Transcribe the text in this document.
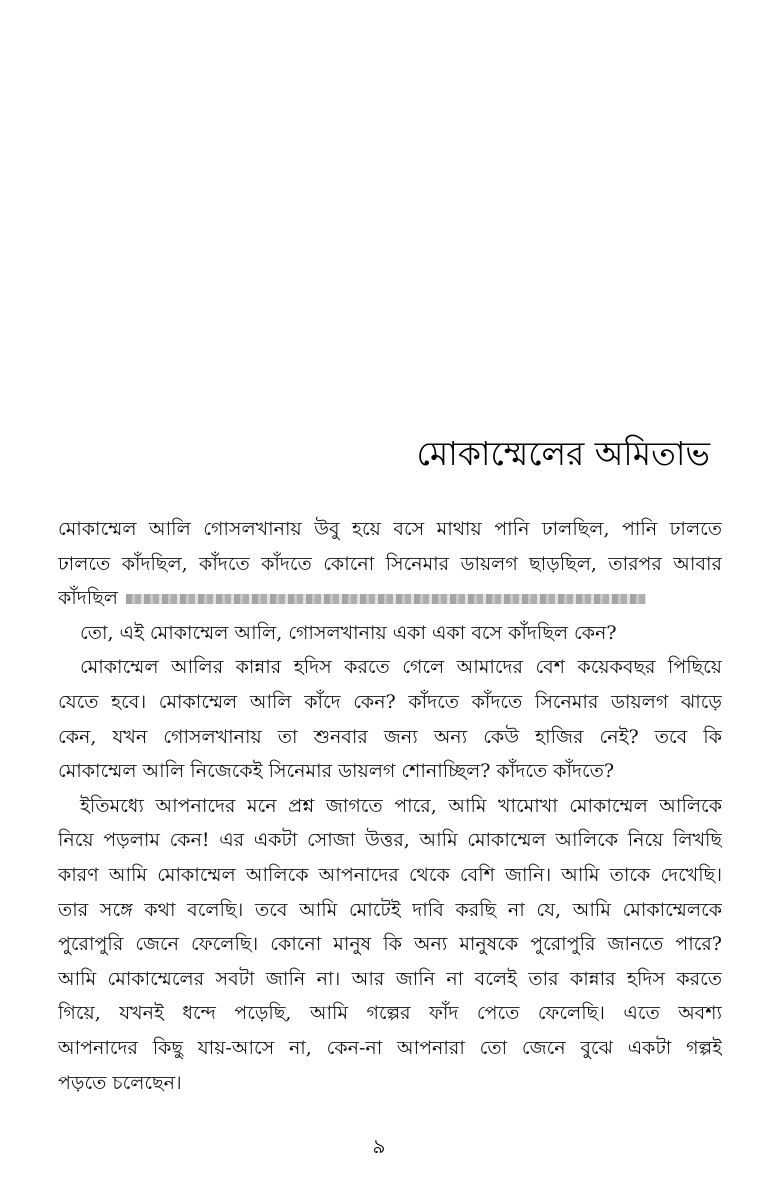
মোকাম্মেলের অমিতাভ
মোকাম্মেল আলি গোসলখানায় উবু হয়ে বসে মাথায় পানি ঢালছিল, পানি ঢালতে
ঢালতে কাঁদছিল, কাঁদতে কাঁদতে কোনো সিনেমার ডায়লগ ছাড়ছিল, তারপর আবার
কাঁদছিল
তো, এই মোকাম্মেল আলি, গোসলখানায় একা একা বসে কাঁদছিল কেন?
মোকাম্মেল আলির কান্নার হদিস করতে গেলে আমাদের বেশ কয়েকবছর পিছিয়ে
যেতে হবে। মোকাম্মেল আলি কাঁদে কেন? কাঁদতে কাঁদতে সিনেমার ডায়লগ ঝাড়ে
কেন, যখন গোসলখানায় তা শুনবার জন্য অন্য কেউ হাজির নেই? তবে কি
মোকাম্মেল আলি নিজেকেই সিনেমার ডায়লগ শোনাচ্ছিল? কাঁদতে কাঁদতে?
ইতিমধ্যে আপনাদের মনে প্রশ্ন জাগতে পারে, আমি খামোখা মোকাম্মেল আলিকে
নিয়ে পড়লাম কেন! এর একটা সোজা উত্তর, আমি মোকাম্মেল আলিকে নিয়ে লিখছি
কারণ আমি মোকাম্মেল আলিকে আপনাদের থেকে বেশি জানি। আমি তাকে দেখেছি।
তার সঙ্গে কথা বলেছি। তবে আমি মোটেই দাবি করছি না যে, আমি মোকাম্মেলকে
পুরোপুরি জেনে ফেলেছি। কোনো মানুষ কি অন্য মানুষকে পুরোপুরি জানতে পারে?
আমি মোকাম্মেলের সবটা জানি না। আর জানি না বলেই তার কান্নার হদিস করতে
গিয়ে, যখনই ধন্দে পড়েছি, আমি গল্পের ফাঁদ পেতে ফেলেছি। এতে অবশ্য
আপনাদের কিছু যায়-আসে না, কেন-না আপনারা তো জেনে বুঝে একটা গল্পই
পড়তে চলেছেন।
৯
